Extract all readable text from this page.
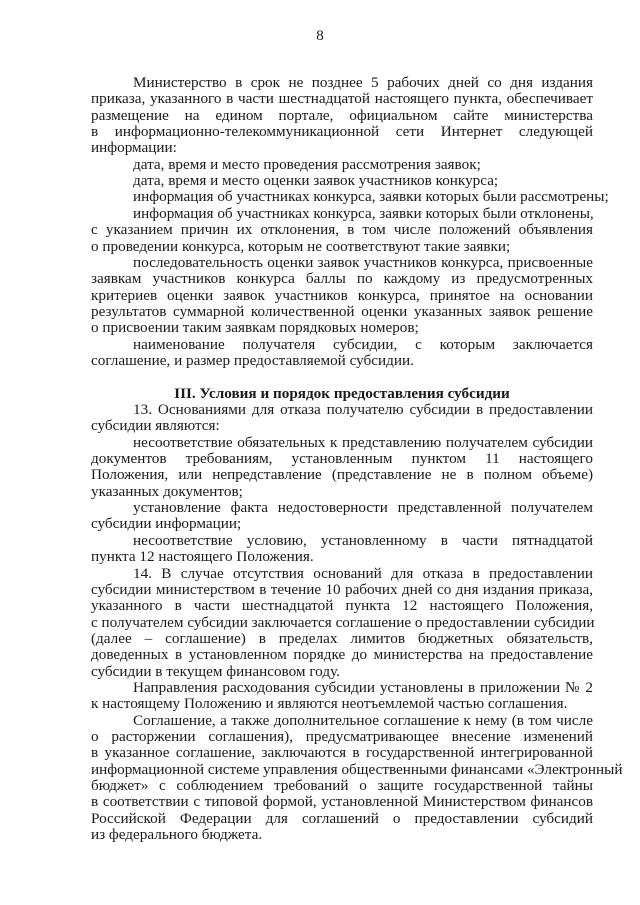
8
Министерство в срок не позднее 5 рабочих дней со дня издания
приказа, указанного в части шестнадцатой настоящего пункта, обеспечивает
размещение на едином портале, официальном сайте министерства
в информационно-телекоммуникационной сети Интернет следующей
информации:
дата, время и место проведения рассмотрения заявок;
дата, время и место оценки заявок участников конкурса;
информация об участниках конкурса, заявки которых были рассмотрены;
информация об участниках конкурса, заявки которых были отклонены,
с указанием причин их отклонения, в том числе положений объявления
о проведении конкурса, которым не соответствуют такие заявки;
последовательность оценки заявок участников конкурса, присвоенные
заявкам участников конкурса баллы по каждому из предусмотренных
критериев оценки заявок участников конкурса, принятое на основании
результатов суммарной количественной оценки указанных заявок решение
о присвоении таким заявкам порядковых номеров;
наименование получателя субсидии, с которым заключается
соглашение, и размер предоставляемой субсидии.
III. Условия и порядок предоставления субсидии
13. Основаниями для отказа получателю субсидии в предоставлении
субсидии являются:
несоответствие обязательных к представлению получателем субсидии
документов требованиям, установленным пунктом 11 настоящего
Положения, или непредставление (представление не в полном объеме)
указанных документов;
установление факта недостоверности представленной получателем
субсидии информации;
несоответствие условию, установленному в части пятнадцатой
пункта 12 настоящего Положения.
14. В случае отсутствия оснований для отказа в предоставлении
субсидии министерством в течение 10 рабочих дней со дня издания приказа,
указанного в части шестнадцатой пункта 12 настоящего Положения,
с получателем субсидии заключается соглашение о предоставлении субсидии
(далее – соглашение) в пределах лимитов бюджетных обязательств,
доведенных в установленном порядке до министерства на предоставление
субсидии в текущем финансовом году.
Направления расходования субсидии установлены в приложении № 2
к настоящему Положению и являются неотъемлемой частью соглашения.
Соглашение, а также дополнительное соглашение к нему (в том числе
о расторжении соглашения), предусматривающее внесение изменений
в указанное соглашение, заключаются в государственной интегрированной
информационной системе управления общественными финансами «Электронный
бюджет» с соблюдением требований о защите государственной тайны
в соответствии с типовой формой, установленной Министерством финансов
Российской Федерации для соглашений о предоставлении субсидий
из федерального бюджета.
